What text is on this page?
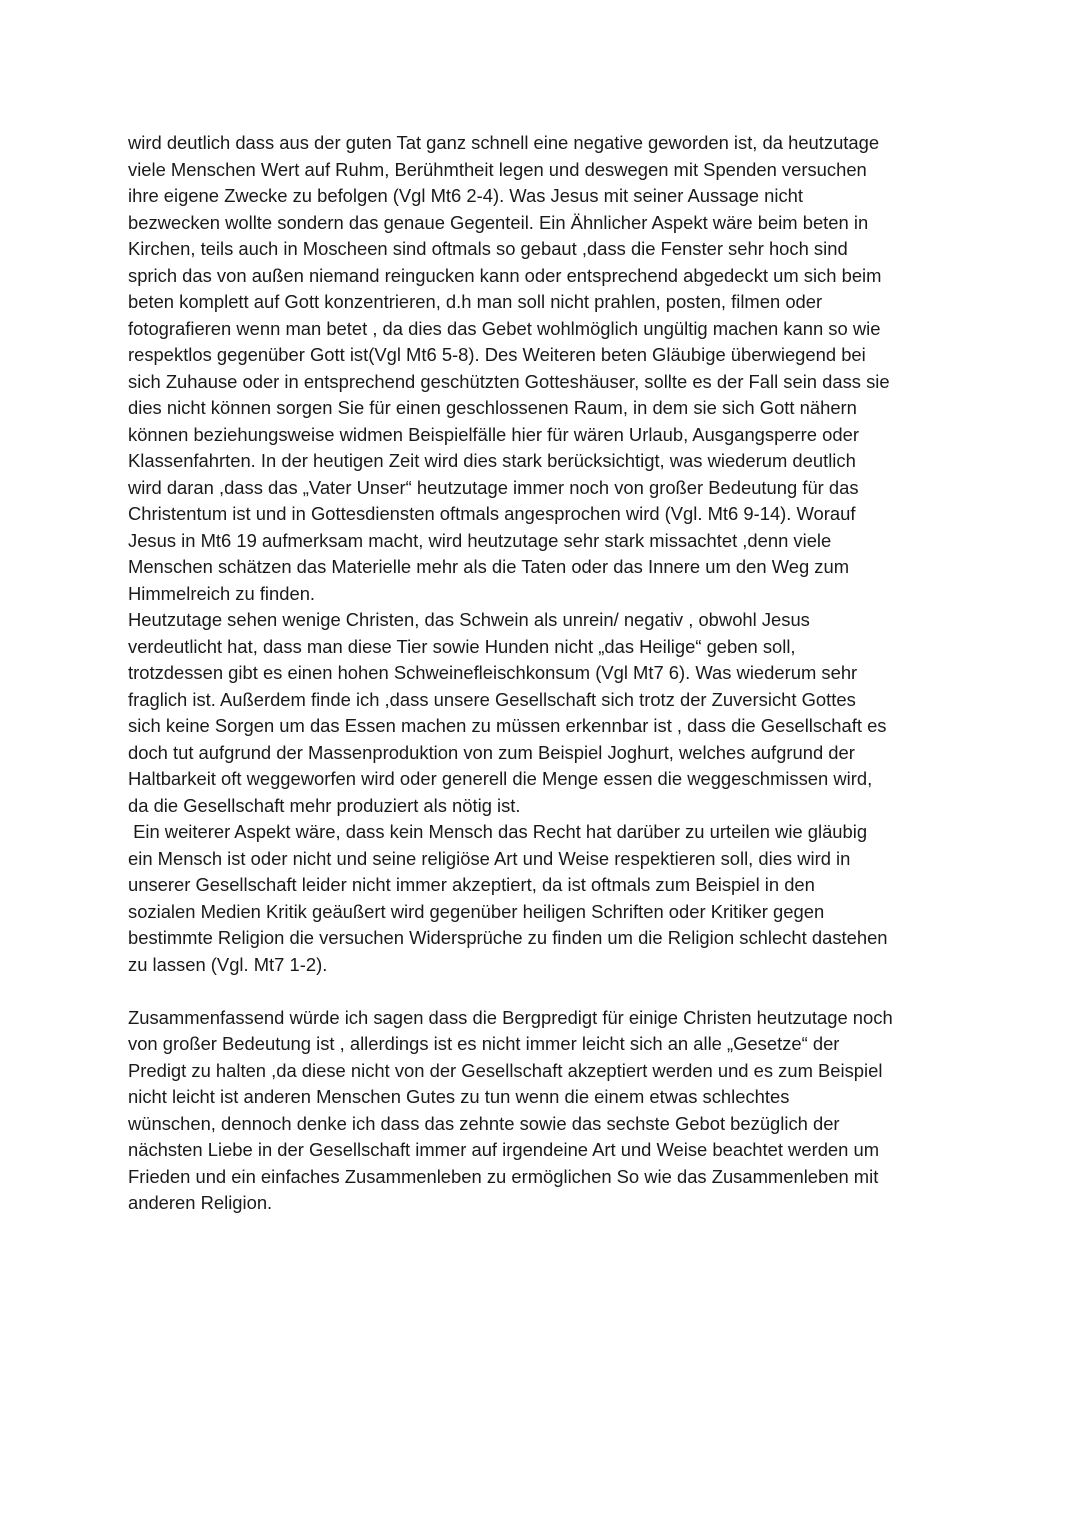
wird deutlich dass aus der guten Tat ganz schnell eine negative geworden ist, da heutzutage
viele Menschen Wert auf Ruhm, Berühmtheit legen und deswegen mit Spenden versuchen
ihre eigene Zwecke zu befolgen (Vgl Mt6 2-4). Was Jesus mit seiner Aussage nicht
bezwecken wollte sondern das genaue Gegenteil. Ein Ähnlicher Aspekt wäre beim beten in
Kirchen, teils auch in Moscheen sind oftmals so gebaut ,dass die Fenster sehr hoch sind
sprich das von außen niemand reingucken kann oder entsprechend abgedeckt um sich beim
beten komplett auf Gott konzentrieren, d.h man soll nicht prahlen, posten, filmen oder
fotografieren wenn man betet , da dies das Gebet wohlmöglich ungültig machen kann so wie
respektlos gegenüber Gott ist(Vgl Mt6 5-8). Des Weiteren beten Gläubige überwiegend bei
sich Zuhause oder in entsprechend geschützten Gotteshäuser, sollte es der Fall sein dass sie
dies nicht können sorgen Sie für einen geschlossenen Raum, in dem sie sich Gott nähern
können beziehungsweise widmen Beispielfälle hier für wären Urlaub, Ausgangsperre oder
Klassenfahrten. In der heutigen Zeit wird dies stark berücksichtigt, was wiederum deutlich
wird daran ,dass das „Vater Unser“ heutzutage immer noch von großer Bedeutung für das
Christentum ist und in Gottesdiensten oftmals angesprochen wird (Vgl. Mt6 9-14). Worauf
Jesus in Mt6 19 aufmerksam macht, wird heutzutage sehr stark missachtet ,denn viele
Menschen schätzen das Materielle mehr als die Taten oder das Innere um den Weg zum
Himmelreich zu finden.

Heutzutage sehen wenige Christen, das Schwein als unrein/ negativ , obwohl Jesus
verdeutlicht hat, dass man diese Tier sowie Hunden nicht „das Heilige“ geben soll,
trotzdessen gibt es einen hohen Schweinefleischkonsum (Vgl Mt7 6). Was wiederum sehr
fraglich ist. Außerdem finde ich ,dass unsere Gesellschaft sich trotz der Zuversicht Gottes
sich keine Sorgen um das Essen machen zu müssen erkennbar ist , dass die Gesellschaft es
doch tut aufgrund der Massenproduktion von zum Beispiel Joghurt, welches aufgrund der
Haltbarkeit oft weggeworfen wird oder generell die Menge essen die weggeschmissen wird,
da die Gesellschaft mehr produziert als nötig ist.

Ein weiterer Aspekt wäre, dass kein Mensch das Recht hat darüber zu urteilen wie gläubig
ein Mensch ist oder nicht und seine religiöse Art und Weise respektieren soll, dies wird in
unserer Gesellschaft leider nicht immer akzeptiert, da ist oftmals zum Beispiel in den
sozialen Medien Kritik geäußert wird gegenüber heiligen Schriften oder Kritiker gegen
bestimmte Religion die versuchen Widersprüche zu finden um die Religion schlecht dastehen
zu lassen (Vgl. Mt7 1-2).

Zusammenfassend würde ich sagen dass die Bergpredigt für einige Christen heutzutage noch
von großer Bedeutung ist , allerdings ist es nicht immer leicht sich an alle „Gesetze“ der
Predigt zu halten ,da diese nicht von der Gesellschaft akzeptiert werden und es zum Beispiel
nicht leicht ist anderen Menschen Gutes zu tun wenn die einem etwas schlechtes
wünschen, dennoch denke ich dass das zehnte sowie das sechste Gebot bezüglich der
nächsten Liebe in der Gesellschaft immer auf irgendeine Art und Weise beachtet werden um
Frieden und ein einfaches Zusammenleben zu ermöglichen So wie das Zusammenleben mit
anderen Religion.
